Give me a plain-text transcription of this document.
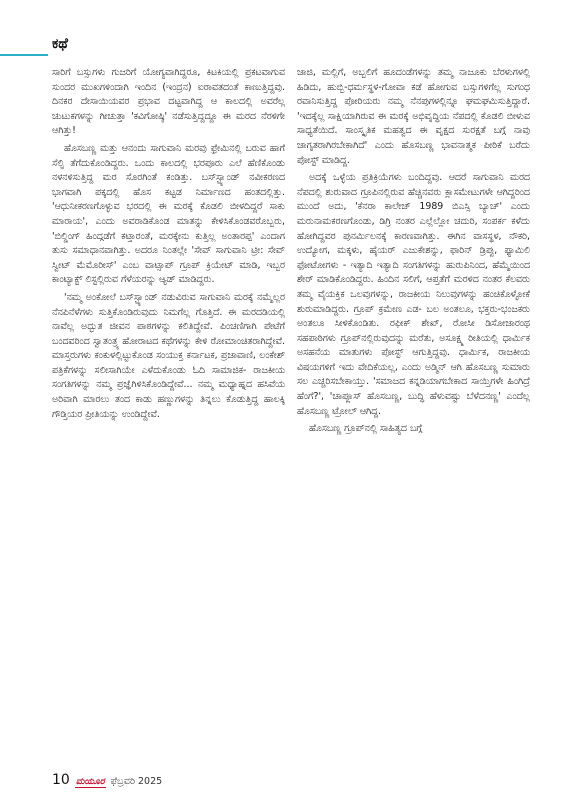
ಕಥೆ

ಸಾರಿಗೆ ಬಸ್ಸುಗಳು ಗುಜರಿಗೆ ಯೋಗ್ಯವಾಗಿದ್ದರೂ, ಕಿಟಕಿಯಲ್ಲಿ ಪ್ರಕಟವಾಗುವ ಸುಂದರ ಮುಖಗಳಿಂದಾಗಿ ಇಂದಿನ (ಇಂದ್ರನ) ಐರಾವತದಂತೆ ಕಾಣುತ್ತಿದ್ದವು. ದಿನಕರ ದೇಸಾಯಿಯವರ ಪ್ರಭಾವ ದಟ್ಟವಾಗಿದ್ದ ಆ ಕಾಲದಲ್ಲಿ ಅವರೆಲ್ಲ ಚುಟುಕಗಳನ್ನು ಗೀಚುತ್ತಾ 'ಕವಿಗೋಷ್ಠಿ' ನಡೆಸುತ್ತಿದ್ದದ್ದೂ ಈ ಮರದ ನೆರಳಿಗೇ ಆಗಿತ್ತು!

ಹೊಸಬಣ್ಣ ಮತ್ತು ಆನಂದು ಸಾಗುವಾನಿ ಮರವು ಫ್ರೇಮಿನಲ್ಲಿ ಬರುವ ಹಾಗೆ ಸೆಲ್ಫಿ ತೆಗೆದುಕೊಂಡಿದ್ದರು. ಒಂದು ಕಾಲದಲ್ಲಿ ಭರಪೂರು ಎಲೆ ಹೆಣಿಕೊಂಡು ನಳನಳಿಸುತ್ತಿದ್ದ ಮರ ಸೊರಗಿಂತೆ ಕಂಡಿತ್ತು. ಬಸ್‌ಸ್ಟ್ಯಾಂಡ್ ನವೀಕರಣದ ಭಾಗವಾಗಿ ಪಕ್ಕದಲ್ಲಿ ಹೊಸ ಕಟ್ಟಡ ನಿರ್ಮಾಣದ ಹಂತದಲ್ಲಿತ್ತು. 'ಆಧುನೀಕರಣಗೊಳ್ಳುವ ಭರದಲ್ಲಿ ಈ ಮರಕ್ಕೆ ಕೊಡಲಿ ಬೀಳದಿದ್ದರೆ ಸಾಕು ಮಾರಾಯ', ಎಂದು ಅವರಾಡಿಕೊಂಡ ಮಾತನ್ನು ಕೇಳಿಸಿಕೊಂಡವರೊಬ್ಬರು, 'ಬಿಲ್ಡಿಂಗ್ ಹಿಂದ್ಗಡೆಗೆ ಕಟ್ತಾರಂತೆ, ಮರಕ್ಕೇನು ಕುತ್ತಿಲ್ಲ ಅಂತಾರಪ್ಪ' ಎಂದಾಗ ತುಸು ಸಮಾಧಾನವಾಗಿತ್ತು. ಅದರೂ ನಿಂತಲ್ಲೇ 'ಸೇವ್ ಸಾಗುವಾನಿ ಟ್ರೀ: ಸೇವ್ ಸ್ವೀಟ್ ಮೆಮೊರೀಸ್' ಎಂಬ ವಾಟ್ಸಾಪ್ ಗ್ರೂಪ್ ಕ್ರಿಯೇಟ್ ಮಾಡಿ, ಇಬ್ಬರ ಕಾಂಟ್ಯಾಕ್ಟ್ ಲಿಸ್ಟಲ್ಲಿರುವ ಗೆಳೆಯರನ್ನು ಆ್ಯಡ್ ಮಾಡಿದ್ದರು.

'ನಮ್ಮ ಅಂಕೋಲೆ ಬಸ್‌ಸ್ಟ್ಯಾಂಡ್ ನಡುವಿರುವ ಸಾಗುವಾನಿ ಮರಕ್ಕೆ ನಮ್ಮೆಲ್ಲರ ನೆನಪಿನೆಳೆಗಳು ಸುತ್ತಿಕೊಂಡಿರುವುದು ನಿಮಗೆಲ್ಲ ಗೊತ್ತಿದೆ. ಈ ಮರದಡಿಯಲ್ಲಿ ನಾವೆಲ್ಲ ಅದ್ಭುತ ಜೀವನ ಪಾಠಗಳನ್ನು ಕಲಿತಿದ್ದೇವೆ. ಪಿಂಚಣಿಗಾಗಿ ಪೇಟೆಗೆ ಬಂದವರಿಂದ ಸ್ವಾತಂತ್ರ್ಯ ಹೋರಾಟದ ಕಥೆಗಳನ್ನು ಕೇಳಿ ರೋಮಾಂಚಿತರಾಗಿದ್ದೇವೆ. ಮಾಸ್ತರುಗಳು ಕಂಕುಳಲ್ಲಿಟ್ಟುಕೊಂಡ ಸಂಯುಕ್ತ ಕರ್ನಾಟಕ, ಪ್ರಜಾವಾಣಿ, ಲಂಕೇಶ್ ಪತ್ರಿಕೆಗಳನ್ನು ಸಲೀಸಾಗಿಯೇ ಎಳೆದುಕೊಂಡು ಓದಿ ಸಾಮಾಜಿಕ- ರಾಜಕೀಯ ಸಂಗತಿಗಳನ್ನು ನಮ್ಮ ಪ್ರಜ್ಞೆಗಿಳಿಸಿಕೊಂಡಿದ್ದೇವೆ... ನಮ್ಮ ಮಧ್ಯಾಹ್ನದ ಹಸಿವೆಯ ಅರಿವಾಗಿ ಮಾರಲು ತಂದ ಕಾಡು ಹಣ್ಣುಗಳನ್ನು ತಿನ್ನಲು ಕೊಡುತ್ತಿದ್ದ ಹಾಲಕ್ಕಿ ಗೌಡ್ತಿಯರ ಪ್ರೀತಿಯನ್ನು ಉಂಡಿದ್ದೇವೆ.

ಜಾಜಿ, ಮಲ್ಲಿಗೆ, ಅಬ್ಬಲಿಗೆ ಹೂದಂಡೆಗಳನ್ನು ತಮ್ಮ ನಾಜೂಕು ಬೆರಳುಗಳಲ್ಲಿ ಹಿಡಿದು, ಹುಬ್ಬಿ-ಧರ್ಮಸ್ಥಳ-ಗೋವಾ ಕಡೆ ಹೋಗುವ ಬಸ್ಸುಗಳಿಗೆಲ್ಲ ಸುಗಂಧ ರವಾನಿಸುತ್ತಿದ್ದ ಪೋರಿಯರು ನಮ್ಮ ನೆನಪುಗಳಲ್ಲಿನ್ನೂ ಘಮಘಮಿಸುತ್ತಿದ್ದಾರೆ. 'ಇದಕ್ಕೆಲ್ಲ ಸಾಕ್ಷಿಯಾಗಿರುವ ಈ ಮರಕ್ಕೆ ಅಭಿವೃದ್ಧಿಯ ನೆಪದಲ್ಲಿ ಕೊಡಲಿ ಬೀಳುವ ಸಾಧ್ಯತೆಯಿದೆ. ಸಾಂಸ್ಕೃತಿಕ ಮಹತ್ವದ ಈ ವೃಕ್ಷದ ಸುರಕ್ಷತೆ ಬಗ್ಗೆ ನಾವು ಜಾಗೃತರಾಗಿರಬೇಕಾಗಿದೆ' ಎಂದು ಹೊಸಬಣ್ಣ ಭಾವನಾತ್ಮಕ ಪೀಠಿಕೆ ಬರೆದು ಪೋಸ್ಟ್ ಮಾಡಿದ್ದ.

ಅದಕ್ಕೆ ಒಳ್ಳೆಯ ಪ್ರತಿಕ್ರಿಯೆಗಳು ಬಂದಿದ್ದವು. ಆದರೆ ಸಾಗುವಾನಿ ಮರದ ನೆಪದಲ್ಲಿ ಶುರುವಾದ ಗ್ರೂಪಿನಲ್ಲಿರುವ ಹೆಚ್ಚಿನವರು ಕ್ಲಾಸಮೇಟುಗಳೇ ಆಗಿದ್ದರಿಂದ ಮುಂದೆ ಅದು, 'ಕೆನರಾ ಕಾಲೇಜ್ 1989 ಬಿಎಸ್ಸಿ ಬ್ಯಾಚ್' ಎಂದು ಮರುನಾಮಕರಣಗೊಂಡು, ಡಿಗ್ರಿ ನಂತರ ಎಲ್ಲೆಲ್ಲೋ ಚದುರಿ, ಸಂಪರ್ಕ ಕಳೆದು ಹೋಗಿದ್ದವರ ಪುನರ್ಮಿಲನಕ್ಕೆ ಕಾರಣವಾಗಿತ್ತು. ಈಗಿನ ವಾಸಸ್ಥಳ, ನೌಕರಿ, ಉದ್ಯೋಗ, ಮಕ್ಕಳು, ಹೈಯರ್ ಎಜುಕೇಶನ್ನು, ಫಾರಿನ್ ಡ್ರಿಪ್ಪು, ಫ್ಯಾಮಿಲಿ ಫೋಟೋಗಳು - ಇತ್ಯಾದಿ ಇತ್ಯಾದಿ ಸಂಗತಿಗಳನ್ನು ಹುರುಪಿನಿಂದ, ಹೆಮ್ಮೆಯಿಂದ ಶೇರ್ ಮಾಡಿಕೊಂಡಿದ್ದರು. ಹಿಂದಿನ ಸಲಿಗೆ, ಆಪ್ತತೆಗೆ ಮರಳಿದ ನಂತರ ಕೆಲವರು ತಮ್ಮ ವೈಯಕ್ತಿಕ ಒಲವುಗಳನ್ನು, ರಾಜಕೀಯ ನಿಲುವುಗಳನ್ನು ಹಂಚಿಕೊಳ್ಳೋಕೆ ಶುರುಮಾಡಿದ್ದರು. ಗ್ರೂಪ್ ಕ್ರಮೇಣ ಎಡ- ಬಲ ಅಂತಲೂ, ಭಕ್ತರು-ಭಂಜಕರು ಅಂತಲೂ ಸೀಳಿಕೊಂಡಿತು. ರಫೀಕ್ ಶೇಖ್, ರೋಸೀ ಡಿಸೋಜಾರಂಥ ಸಹಪಾಠಿಗಳು ಗ್ರೂಪ್‌ನಲ್ಲಿರುವುದನ್ನು ಮರೆತು, ಅಸೂಕ್ಷ್ಮ ರೀತಿಯಲ್ಲಿ ಧಾರ್ಮಿಕ ಅಸಹನೆಯ ಮಾತುಗಳು ಪೋಸ್ಟ್ ಆಗುತ್ತಿದ್ದವು. ಧಾರ್ಮಿಕ, ರಾಜಕೀಯ ವಿಷಯಗಳಿಗೆ ಇದು ವೇದಿಕೆಯಲ್ಲ, ಎಂದು ಅಡ್ಮಿನ್ ಆಗಿ ಹೊಸಬಣ್ಣ ಸುಮಾರು ಸಲ ಎಚ್ಚರಿಸಬೇಕಾಯ್ತು. 'ಸಮಾಜದ ಕನ್ನಡಿಯಾಗಬೇಕಾದ ಸಾಯ್ತಿಗಳೇ ಹಿಂಗಿದ್ರೆ ಹೆಂಗೆ?', 'ಚಾಪ್ಲೂಸ್ ಹೊಸಬಣ್ಣ, ಬುದ್ಧಿ ಹೆಳುವಷ್ಟು ಬೆಳೆದನಣ್ಣ' ಎಂದೆಲ್ಲ ಹೊಸಬಣ್ಣ ಟ್ರೋಲ್ ಆಗಿದ್ದ.

ಹೊಸಬಣ್ಣ ಗ್ರೂಪ್‌ನಲ್ಲಿ ಸಾಹಿತ್ಯದ ಬಗ್ಗೆ

10 ಮಯೂರ ಫೆಬ್ರವರಿ 2025
